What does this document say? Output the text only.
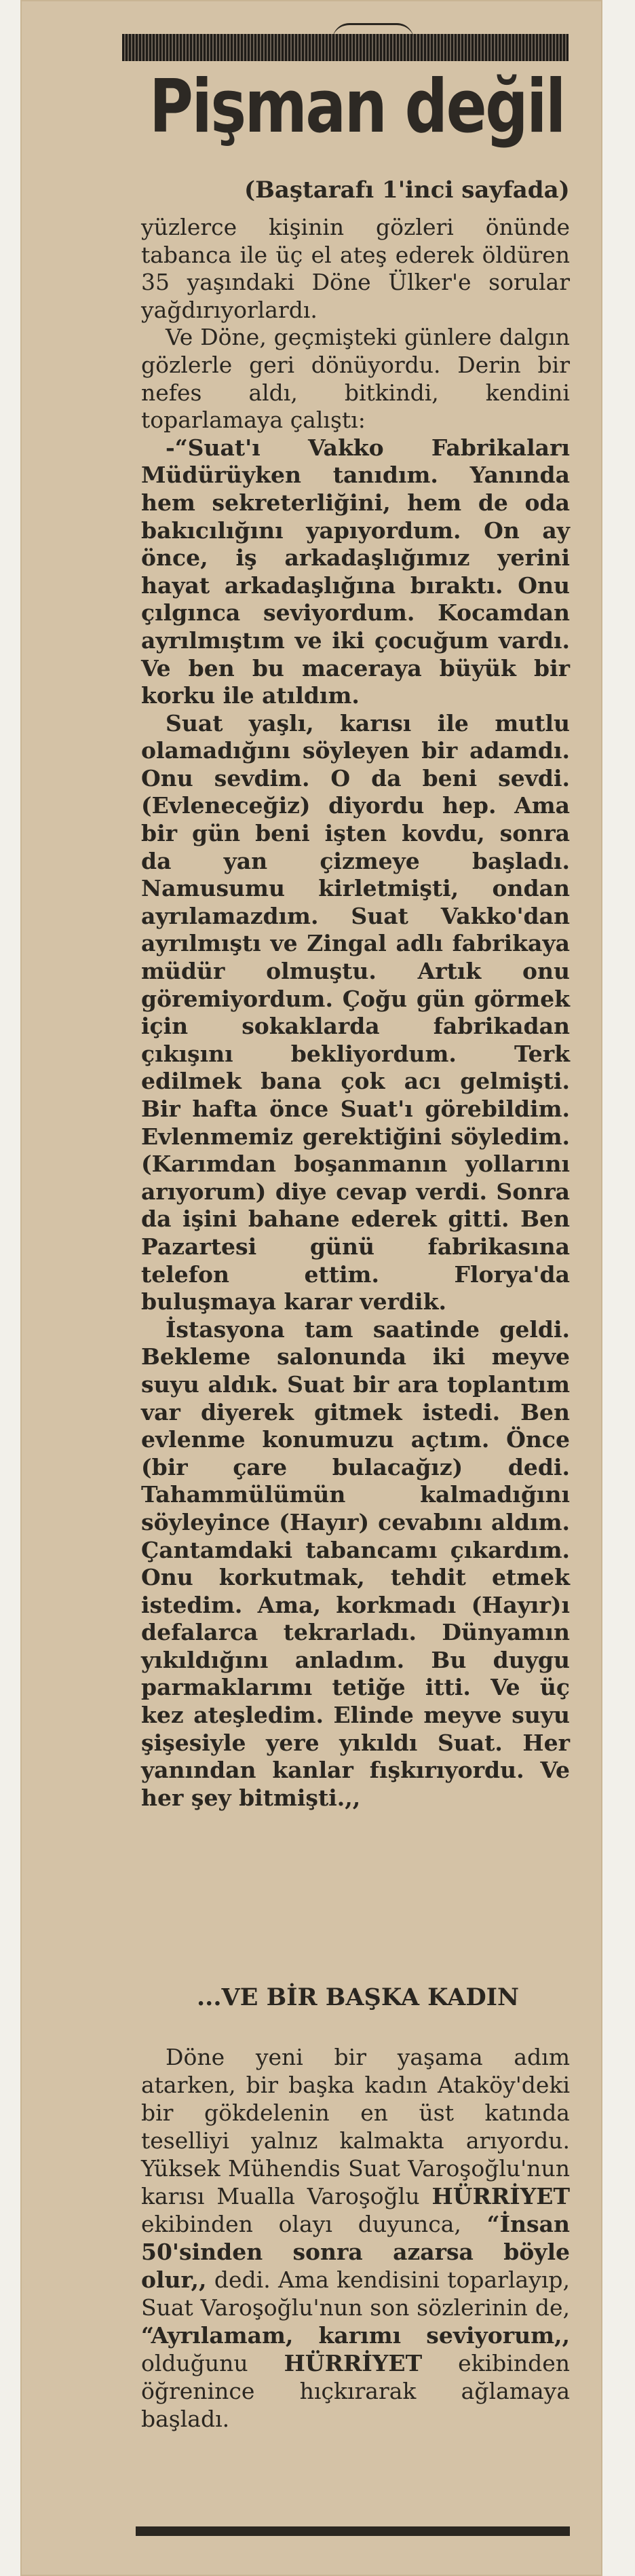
Pişman değil

(Baştarafı 1'inci sayfada)

yüzlerce kişinin gözleri önünde tabanca ile üç el ateş ederek öldüren 35 yaşındaki Döne Ülker'e sorular yağdırıyorlardı.

Ve Döne, geçmişteki günlere dalgın gözlerle geri dönüyordu. Derin bir nefes aldı, bitkindi, kendini toparlamaya çalıştı:

-“Suat'ı Vakko Fabrikaları Müdürüyken tanıdım. Yanında hem sekreterliğini, hem de oda bakıcılığını yapıyordum. On ay önce, iş arkadaşlığımız yerini hayat arkadaşlığına bıraktı. Onu çılgınca seviyordum. Kocamdan ayrılmıştım ve iki çocuğum vardı. Ve ben bu maceraya büyük bir korku ile atıldım.

Suat yaşlı, karısı ile mutlu olamadığını söyleyen bir adamdı. Onu sevdim. O da beni sevdi. (Evleneceğiz) diyordu hep. Ama bir gün beni işten kovdu, sonra da yan çizmeye başladı. Namusumu kirletmişti, ondan ayrılamazdım. Suat Vakko'dan ayrılmıştı ve Zingal adlı fabrikaya müdür olmuştu. Artık onu göremiyordum. Çoğu gün görmek için sokaklarda fabrikadan çıkışını bekliyordum. Terk edilmek bana çok acı gelmişti. Bir hafta önce Suat'ı görebildim. Evlenmemiz gerektiğini söyledim. (Karımdan boşanmanın yollarını arıyorum) diye cevap verdi. Sonra da işini bahane ederek gitti. Ben Pazartesi günü fabrikasına telefon ettim. Florya'da buluşmaya karar verdik.

İstasyona tam saatinde geldi. Bekleme salonunda iki meyve suyu aldık. Suat bir ara toplantım var diyerek gitmek istedi. Ben evlenme konumuzu açtım. Önce (bir çare bulacağız) dedi. Tahammülümün kalmadığını söyleyince (Hayır) cevabını aldım. Çantamdaki tabancamı çıkardım. Onu korkutmak, tehdit etmek istedim. Ama, korkmadı (Hayır)ı defalarca tekrarladı. Dünyamın yıkıldığını anladım. Bu duygu parmaklarımı tetiğe itti. Ve üç kez ateşledim. Elinde meyve suyu şişesiyle yere yıkıldı Suat. Her yanından kanlar fışkırıyordu. Ve her şey bitmişti.,,

...VE BİR BAŞKA KADIN

Döne yeni bir yaşama adım atarken, bir başka kadın Ataköy'deki bir gökdelenin en üst katında teselliyi yalnız kalmakta arıyordu. Yüksek Mühendis Suat Varoşoğlu'nun karısı Mualla Varoşoğlu HÜRRİYET ekibinden olayı duyunca, “İnsan 50'sinden sonra azarsa böyle olur,, dedi. Ama kendisini toparlayıp, Suat Varoşoğlu'nun son sözlerinin de, “Ayrılamam, karımı seviyorum,, olduğunu HÜRRİYET ekibinden öğrenince hıçkırarak ağlamaya başladı.
